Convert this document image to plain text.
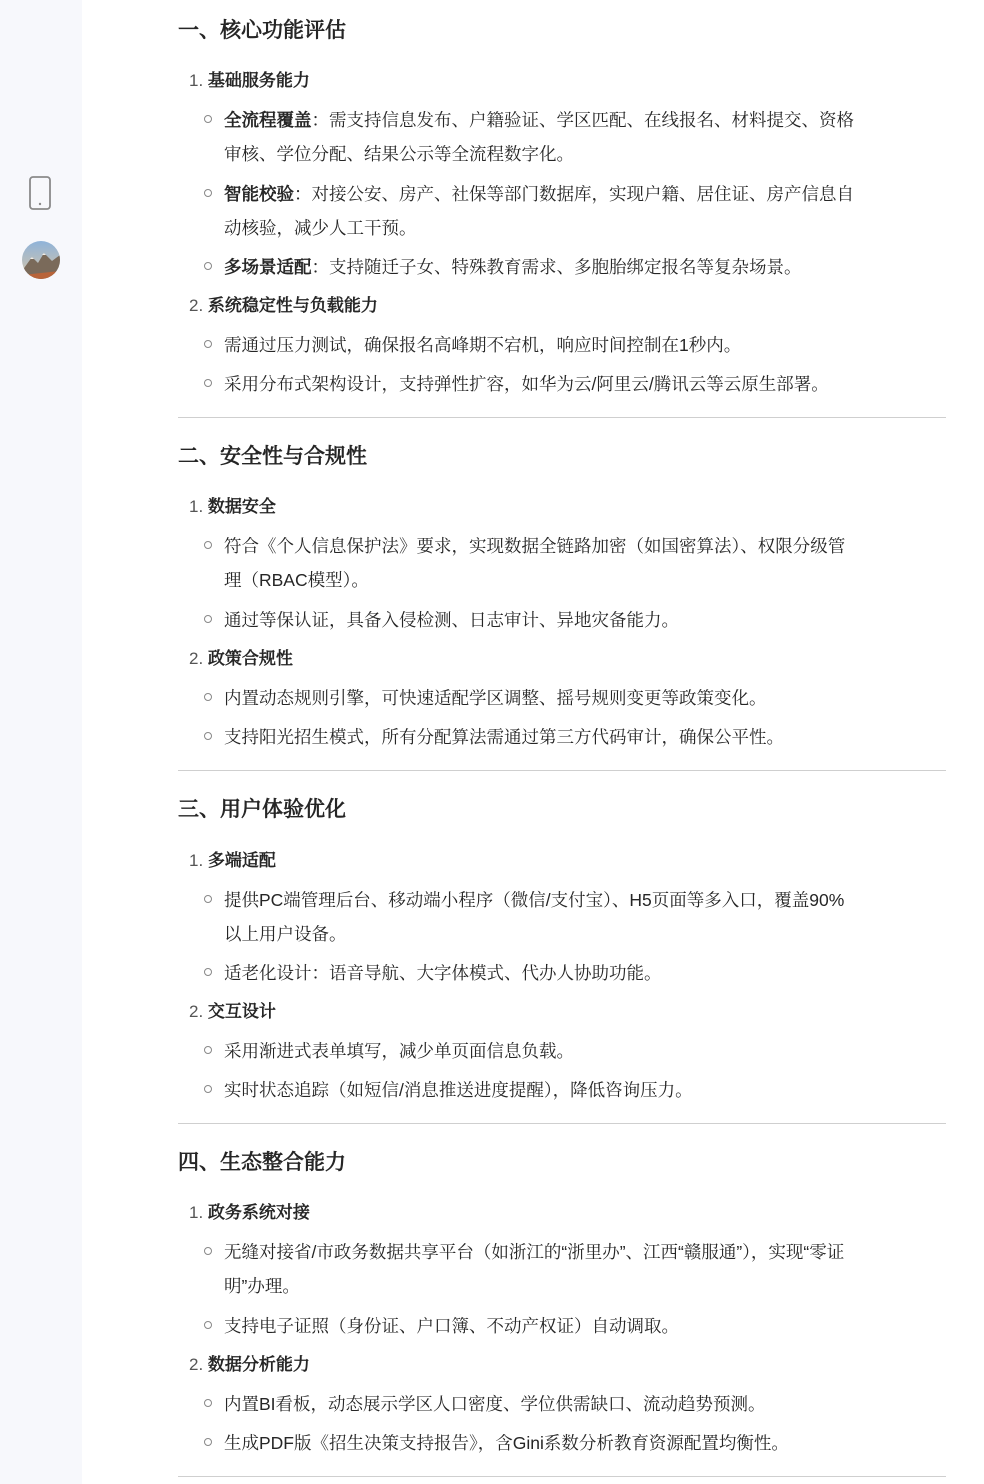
一、核心功能评估
1. 基础服务能力
全流程覆盖：需支持信息发布、户籍验证、学区匹配、在线报名、材料提交、资格
审核、学位分配、结果公示等全流程数字化。
智能校验：对接公安、房产、社保等部门数据库，实现户籍、居住证、房产信息自
动核验，减少人工干预。
多场景适配：支持随迁子女、特殊教育需求、多胞胎绑定报名等复杂场景。
2. 系统稳定性与负载能力
需通过压力测试，确保报名高峰期不宕机，响应时间控制在1秒内。
采用分布式架构设计，支持弹性扩容，如华为云/阿里云/腾讯云等云原生部署。
二、安全性与合规性
1. 数据安全
符合《个人信息保护法》要求，实现数据全链路加密（如国密算法）、权限分级管
理（RBAC模型）。
通过等保认证，具备入侵检测、日志审计、异地灾备能力。
2. 政策合规性
内置动态规则引擎，可快速适配学区调整、摇号规则变更等政策变化。
支持阳光招生模式，所有分配算法需通过第三方代码审计，确保公平性。
三、用户体验优化
1. 多端适配
提供PC端管理后台、移动端小程序（微信/支付宝）、H5页面等多入口，覆盖90%
以上用户设备。
适老化设计：语音导航、大字体模式、代办人协助功能。
2. 交互设计
采用渐进式表单填写，减少单页面信息负载。
实时状态追踪（如短信/消息推送进度提醒），降低咨询压力。
四、生态整合能力
1. 政务系统对接
无缝对接省/市政务数据共享平台（如浙江的“浙里办”、江西“赣服通”），实现“零证
明”办理。
支持电子证照（身份证、户口簿、不动产权证）自动调取。
2. 数据分析能力
内置BI看板，动态展示学区人口密度、学位供需缺口、流动趋势预测。
生成PDF版《招生决策支持报告》，含Gini系数分析教育资源配置均衡性。
